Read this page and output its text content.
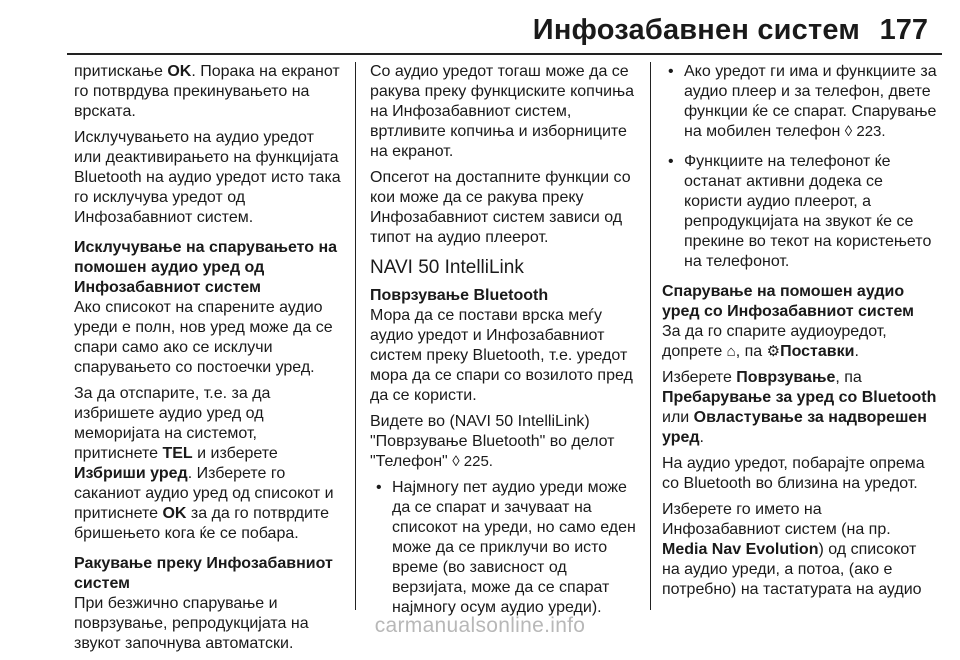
Инфозабавнен систем 177

притискање OK. Порака на екранот го потврдува прекинувањето на врската.

Исклучувањето на аудио уредот или деактивирањето на функцијата Bluetooth на аудио уредот исто така го исклучува уредот од Инфозабавниот систем.

Исклучување на спарувањето на помошен аудио уред од Инфозабавниот систем

Ако списокот на спарените аудио уреди е полн, нов уред може да се спари само ако се исклучи спарувањето со постоечки уред.

За да отспарите, т.е. за да избришете аудио уред од меморијата на системот, притиснете TEL и изберете Избриши уред. Изберете го саканиот аудио уред од списокот и притиснете OK за да го потврдите бришењето кога ќе се побара.

Ракување преку Инфозабавниот систем

При безжично спарување и поврзување, репродукцијата на звукот започнува автоматски.

Со аудио уредот тогаш може да се ракува преку функциските копчиња на Инфозабавниот систем, вртливите копчиња и изборниците на екранот.

Опсегот на достапните функции со кои може да се ракува преку Инфозабавниот систем зависи од типот на аудио плеерот.

NAVI 50 IntelliLink

Поврзување Bluetooth

Мора да се постави врска меѓу аудио уредот и Инфозабавниот систем преку Bluetooth, т.е. уредот мора да се спари со возилото пред да се користи.

Видете во (NAVI 50 IntelliLink) "Поврзување Bluetooth" во делот "Телефон" ◊ 225.

• Најмногу пет аудио уреди може да се спарат и зачуваат на списокот на уреди, но само еден може да се приклучи во исто време (во зависност од верзијата, може да се спарат најмногу осум аудио уреди).
• Ако уредот ги има и функциите за аудио плеер и за телефон, двете функции ќе се спарат. Спарување на мобилен телефон ◊ 223.
• Функциите на телефонот ќе останат активни додека се користи аудио плеерот, а репродукцијата на звукот ќе се прекине во текот на користењето на телефонот.

Спарување на помошен аудио уред со Инфозабавниот систем

За да го спарите аудиоуредот, допрете ⌂, па ⚙Поставки.

Изберете Поврзување, па Пребарување за уред со Bluetooth или Овластување за надворешен уред.

На аудио уредот, побарајте опрема со Bluetooth во близина на уредот.

Изберете го името на Инфозабавниот систем (на пр. Media Nav Evolution) од списокот на аудио уреди, а потоа, (ако е потребно) на тастатурата на аудио

carmanualsonline.info
